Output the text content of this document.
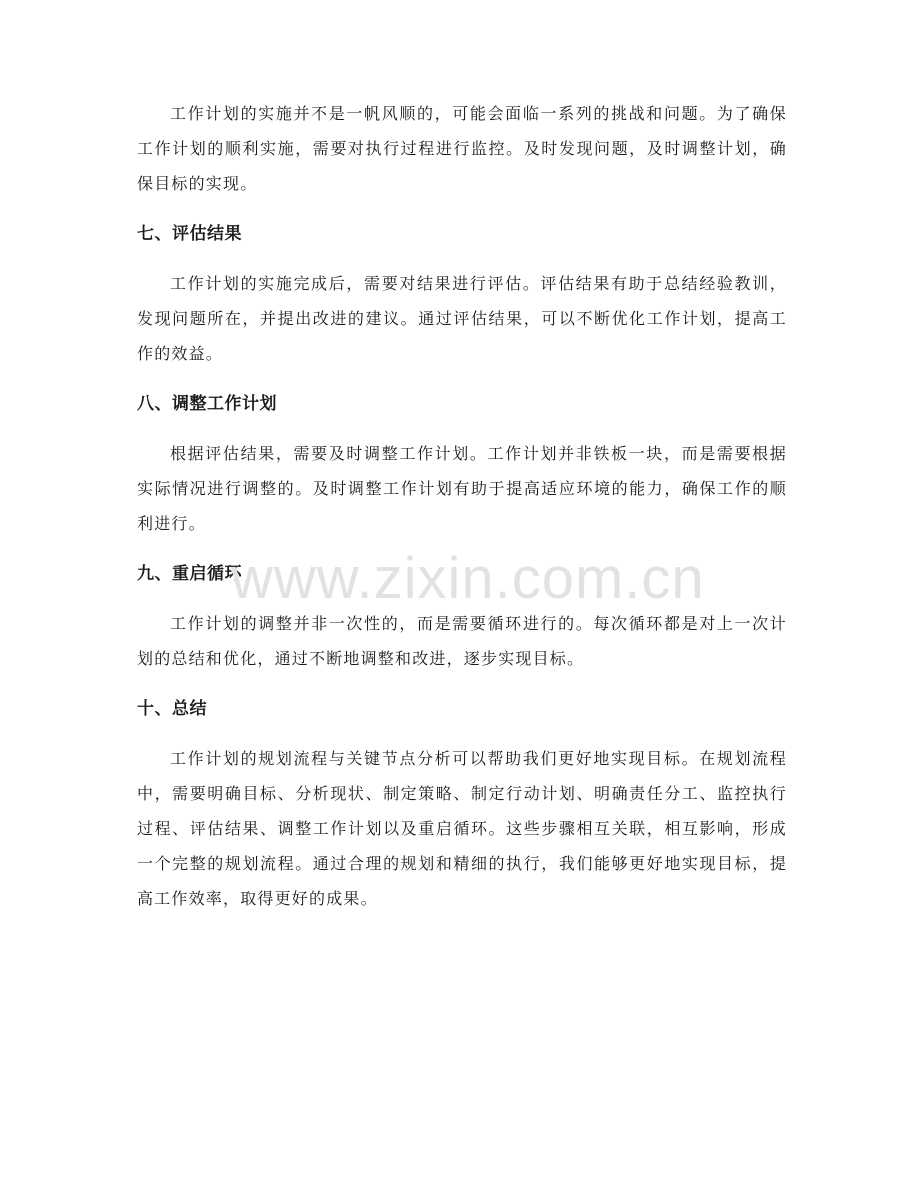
工作计划的实施并不是一帆风顺的，可能会面临一系列的挑战和问题。为了确保工作计划的顺利实施，需要对执行过程进行监控。及时发现问题，及时调整计划，确保目标的实现。

七、评估结果

工作计划的实施完成后，需要对结果进行评估。评估结果有助于总结经验教训，发现问题所在，并提出改进的建议。通过评估结果，可以不断优化工作计划，提高工作的效益。

八、调整工作计划

根据评估结果，需要及时调整工作计划。工作计划并非铁板一块，而是需要根据实际情况进行调整的。及时调整工作计划有助于提高适应环境的能力，确保工作的顺利进行。

九、重启循环

工作计划的调整并非一次性的，而是需要循环进行的。每次循环都是对上一次计划的总结和优化，通过不断地调整和改进，逐步实现目标。

十、总结

工作计划的规划流程与关键节点分析可以帮助我们更好地实现目标。在规划流程中，需要明确目标、分析现状、制定策略、制定行动计划、明确责任分工、监控执行过程、评估结果、调整工作计划以及重启循环。这些步骤相互关联，相互影响，形成一个完整的规划流程。通过合理的规划和精细的执行，我们能够更好地实现目标，提高工作效率，取得更好的成果。

www.zixin.com.cn
